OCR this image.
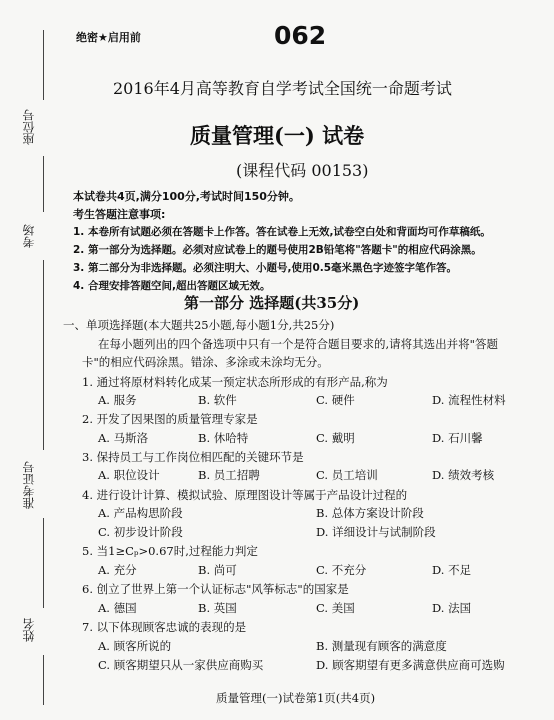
座位号
考场
准考证号
姓名
绝密★启用前	062
2016年4月高等教育自学考试全国统一命题考试
质量管理(一) 试卷
(课程代码 00153)
本试卷共4页,满分100分,考试时间150分钟。
考生答题注意事项:
1. 本卷所有试题必须在答题卡上作答。答在试卷上无效,试卷空白处和背面均可作草稿纸。
2. 第一部分为选择题。必须对应试卷上的题号使用2B铅笔将"答题卡"的相应代码涂黑。
3. 第二部分为非选择题。必须注明大、小题号,使用0.5毫米黑色字迹签字笔作答。
4. 合理安排答题空间,超出答题区域无效。
第一部分 选择题(共35分)
一、单项选择题(本大题共25小题,每小题1分,共25分)
在每小题列出的四个备选项中只有一个是符合题目要求的,请将其选出并将"答题
卡"的相应代码涂黑。错涂、多涂或未涂均无分。
1. 通过将原材料转化成某一预定状态所形成的有形产品,称为
A. 服务	B. 软件	C. 硬件	D. 流程性材料
2. 开发了因果图的质量管理专家是
A. 马斯洛	B. 休哈特	C. 戴明	D. 石川馨
3. 保持员工与工作岗位相匹配的关键环节是
A. 职位设计	B. 员工招聘	C. 员工培训	D. 绩效考核
4. 进行设计计算、模拟试验、原理图设计等属于产品设计过程的
A. 产品构思阶段	B. 总体方案设计阶段
C. 初步设计阶段	D. 详细设计与试制阶段
5. 当1≥Cₚ>0.67时,过程能力判定
A. 充分	B. 尚可	C. 不充分	D. 不足
6. 创立了世界上第一个认证标志"风筝标志"的国家是
A. 德国	B. 英国	C. 美国	D. 法国
7. 以下体现顾客忠诚的表现的是
A. 顾客所说的	B. 测量现有顾客的满意度
C. 顾客期望只从一家供应商购买	D. 顾客期望有更多满意供应商可选购
质量管理(一)试卷第1页(共4页)
